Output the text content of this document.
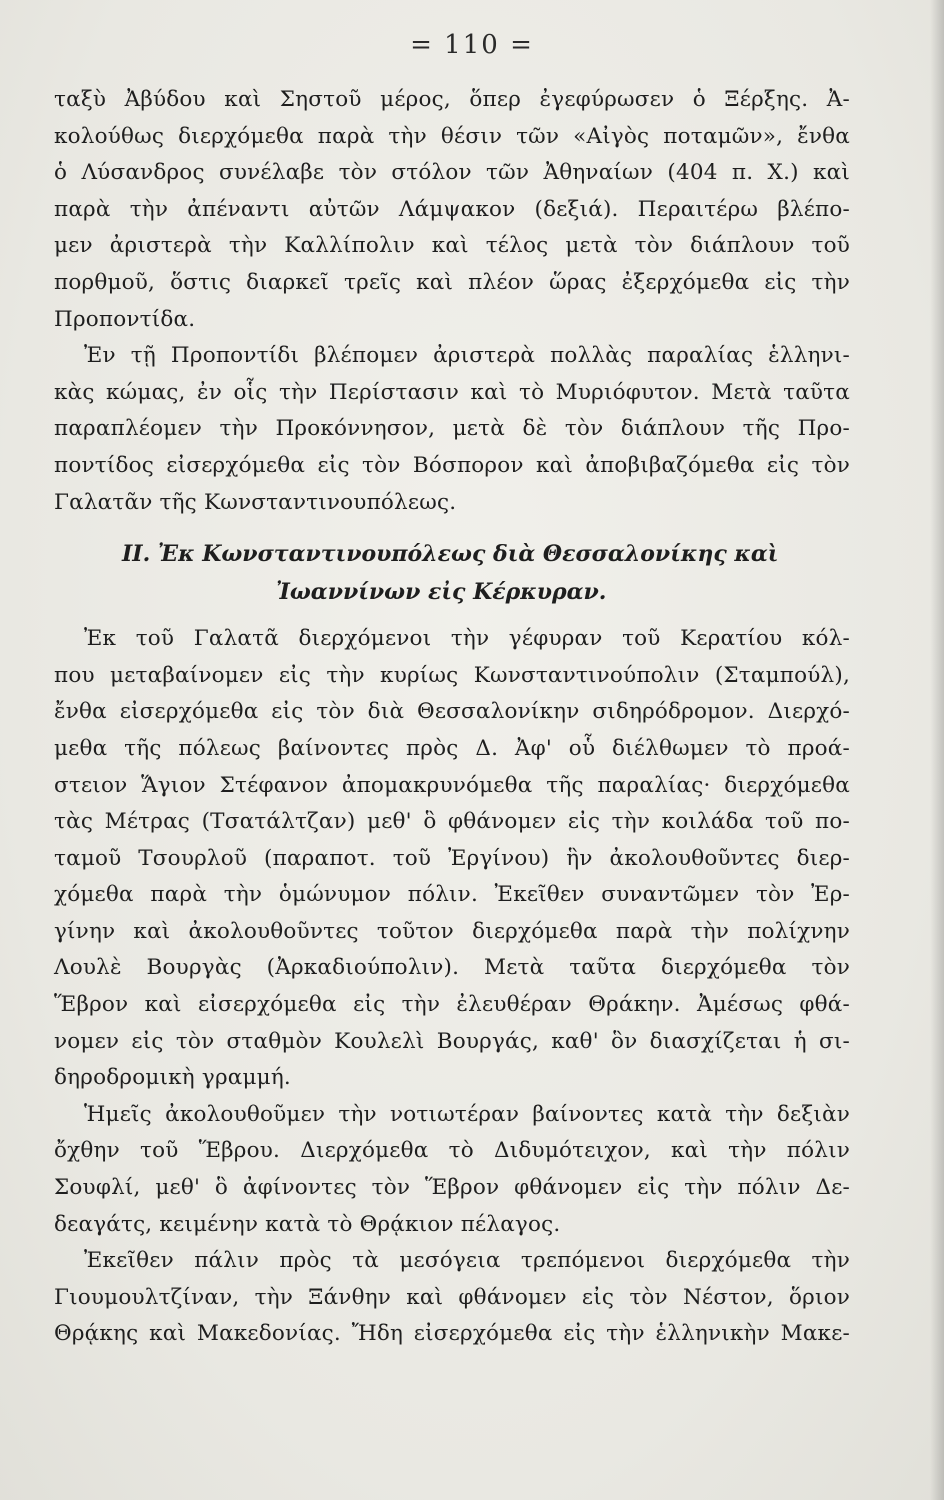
= 110 =
ταξὺ Ἀβύδου καὶ Σηστοῦ μέρος, ὅπερ ἐγεφύρωσεν ὁ Ξέρξης. Ἀ-
κολούθως διερχόμεθα παρὰ τὴν θέσιν τῶν «Αἰγὸς ποταμῶν», ἔνθα
ὁ Λύσανδρος συνέλαβε τὸν στόλον τῶν Ἀθηναίων (404 π. Χ.) καὶ
παρὰ τὴν ἀπέναντι αὐτῶν Λάμψακον (δεξιά). Περαιτέρω βλέπο-
μεν ἀριστερὰ τὴν Καλλίπολιν καὶ τέλος μετὰ τὸν διάπλουν τοῦ
πορθμοῦ, ὅστις διαρκεῖ τρεῖς καὶ πλέον ὥρας ἐξερχόμεθα εἰς τὴν
Προποντίδα.
Ἐν τῇ Προποντίδι βλέπομεν ἀριστερὰ πολλὰς παραλίας ἑλληνι-
κὰς κώμας, ἐν οἷς τὴν Περίστασιν καὶ τὸ Μυριόφυτον. Μετὰ ταῦτα
παραπλέομεν τὴν Προκόννησον, μετὰ δὲ τὸν διάπλουν τῆς Προ-
ποντίδος εἰσερχόμεθα εἰς τὸν Βόσπορον καὶ ἀποβιβαζόμεθα εἰς τὸν
Γαλατᾶν τῆς Κωνσταντινουπόλεως.
ΙΙ. Ἐκ Κωνσταντινουπόλεως διὰ Θεσσαλονίκης καὶ
Ἰωαννίνων εἰς Κέρκυραν.
Ἐκ τοῦ Γαλατᾶ διερχόμενοι τὴν γέφυραν τοῦ Κερατίου κόλ-
που μεταβαίνομεν εἰς τὴν κυρίως Κωνσταντινούπολιν (Σταμπούλ),
ἔνθα εἰσερχόμεθα εἰς τὸν διὰ Θεσσαλονίκην σιδηρόδρομον. Διερχό-
μεθα τῆς πόλεως βαίνοντες πρὸς Δ. Ἀφ' οὗ διέλθωμεν τὸ προά-
στειον Ἅγιον Στέφανον ἀπομακρυνόμεθα τῆς παραλίας· διερχόμεθα
τὰς Μέτρας (Τσατάλτζαν) μεθ' ὃ φθάνομεν εἰς τὴν κοιλάδα τοῦ πο-
ταμοῦ Τσουρλοῦ (παραποτ. τοῦ Ἐργίνου) ἣν ἀκολουθοῦντες διερ-
χόμεθα παρὰ τὴν ὁμώνυμον πόλιν. Ἐκεῖθεν συναντῶμεν τὸν Ἐρ-
γίνην καὶ ἀκολουθοῦντες τοῦτον διερχόμεθα παρὰ τὴν πολίχνην
Λουλὲ Βουργὰς (Ἀρκαδιούπολιν). Μετὰ ταῦτα διερχόμεθα τὸν
Ἕβρον καὶ εἰσερχόμεθα εἰς τὴν ἐλευθέραν Θράκην. Ἀμέσως φθά-
νομεν εἰς τὸν σταθμὸν Κουλελὶ Βουργάς, καθ' ὃν διασχίζεται ἡ σι-
δηροδρομικὴ γραμμή.
Ἡμεῖς ἀκολουθοῦμεν τὴν νοτιωτέραν βαίνοντες κατὰ τὴν δεξιὰν
ὄχθην τοῦ Ἕβρου. Διερχόμεθα τὸ Διδυμότειχον, καὶ τὴν πόλιν
Σουφλί, μεθ' ὃ ἀφίνοντες τὸν Ἕβρον φθάνομεν εἰς τὴν πόλιν Δε-
δεαγάτς, κειμένην κατὰ τὸ Θρᾴκιον πέλαγος.
Ἐκεῖθεν πάλιν πρὸς τὰ μεσόγεια τρεπόμενοι διερχόμεθα τὴν
Γιουμουλτζίναν, τὴν Ξάνθην καὶ φθάνομεν εἰς τὸν Νέστον, ὅριον
Θρᾴκης καὶ Μακεδονίας. Ἤδη εἰσερχόμεθα εἰς τὴν ἑλληνικὴν Μακε-
